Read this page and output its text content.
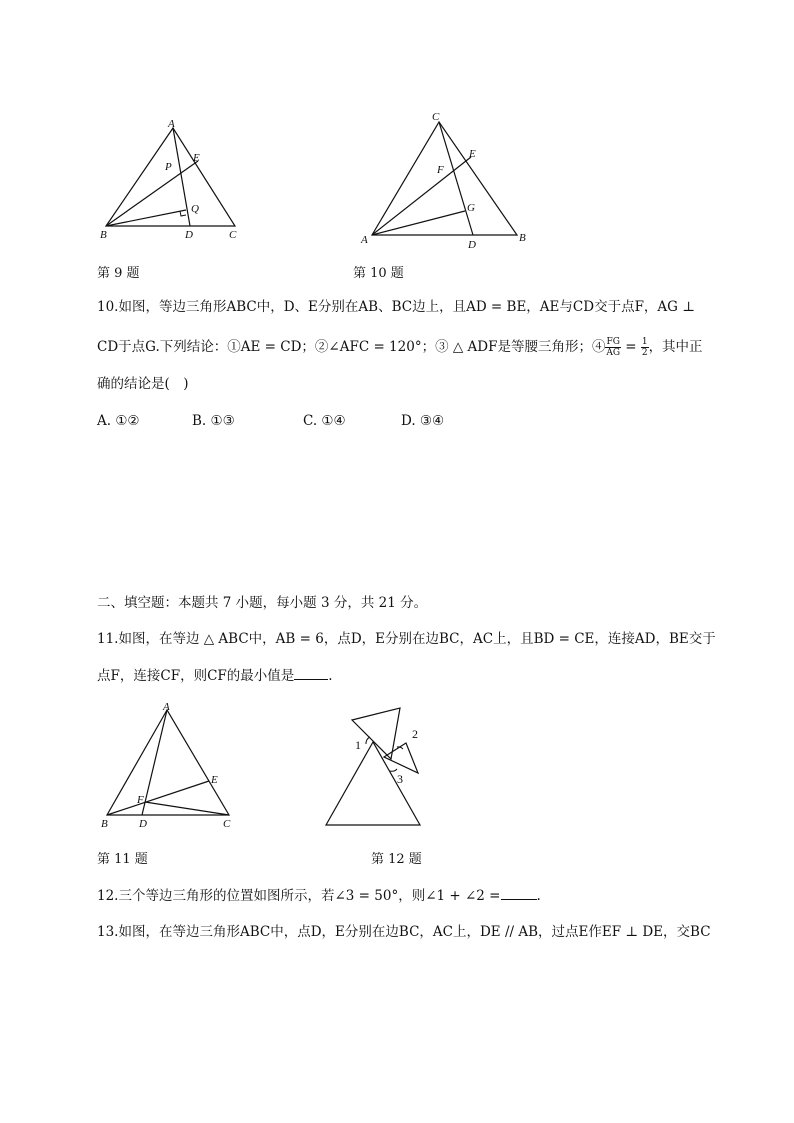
A
P
E
Q
B	D	C
第 9 题
C
E
F
G
A	D
B
第 10 题
10.如图，等边三角形ABC中，D、E分别在AB、BC边上，且AD = BE，AE与CD交于点F，AG ⊥
CD于点G.下列结论：①AE = CD；②∠AFC = 120°；③ △ ADF是等腰三角形；④ $\frac{FG}{AG} = \frac{1}{2}$ ，其中正
确的结论是(　)
A. ①②	B. ①③	C. ①④	D. ③④
二、填空题：本题共 7 小题，每小题 3 分，共 21 分。
11.如图，在等边 △ ABC中，AB = 6，点D，E分别在边BC，AC上，且BD = CE，连接AD，BE交于
点F，连接CF，则CF的最小值是	.
A
E
F
B	D	C
第 11 题
1
2
3
第 12 题
12.三个等边三角形的位置如图所示，若∠3 = 50°，则∠1 + ∠2 =	.
13.如图，在等边三角形ABC中，点D，E分别在边BC，AC上，DE // AB，过点E作EF ⊥ DE，交BC
